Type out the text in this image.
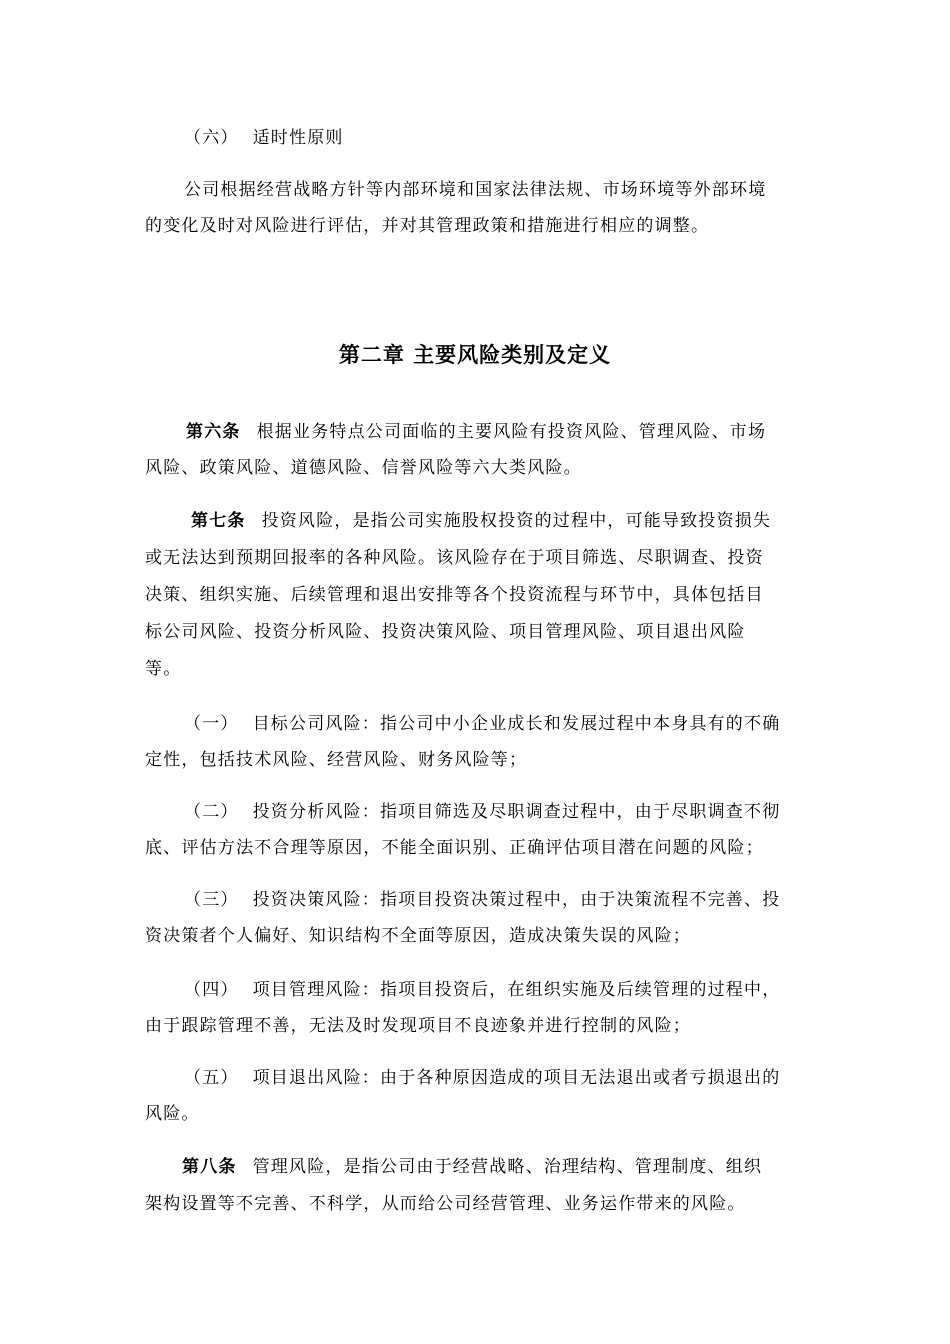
（六） 适时性原则
公司根据经营战略方针等内部环境和国家法律法规、市场环境等外部环境
的变化及时对风险进行评估，并对其管理政策和措施进行相应的调整。
第二章 主要风险类别及定义
第六条 根据业务特点公司面临的主要风险有投资风险、管理风险、市场
风险、政策风险、道德风险、信誉风险等六大类风险。
第七条 投资风险，是指公司实施股权投资的过程中，可能导致投资损失
或无法达到预期回报率的各种风险。该风险存在于项目筛选、尽职调查、投资
决策、组织实施、后续管理和退出安排等各个投资流程与环节中，具体包括目
标公司风险、投资分析风险、投资决策风险、项目管理风险、项目退出风险
等。
（一） 目标公司风险：指公司中小企业成长和发展过程中本身具有的不确
定性，包括技术风险、经营风险、财务风险等；
（二） 投资分析风险：指项目筛选及尽职调查过程中，由于尽职调查不彻
底、评估方法不合理等原因，不能全面识别、正确评估项目潜在问题的风险；
（三） 投资决策风险：指项目投资决策过程中，由于决策流程不完善、投
资决策者个人偏好、知识结构不全面等原因，造成决策失误的风险；
（四） 项目管理风险：指项目投资后，在组织实施及后续管理的过程中，
由于跟踪管理不善，无法及时发现项目不良迹象并进行控制的风险；
（五） 项目退出风险：由于各种原因造成的项目无法退出或者亏损退出的
风险。
第八条 管理风险，是指公司由于经营战略、治理结构、管理制度、组织
架构设置等不完善、不科学，从而给公司经营管理、业务运作带来的风险。
